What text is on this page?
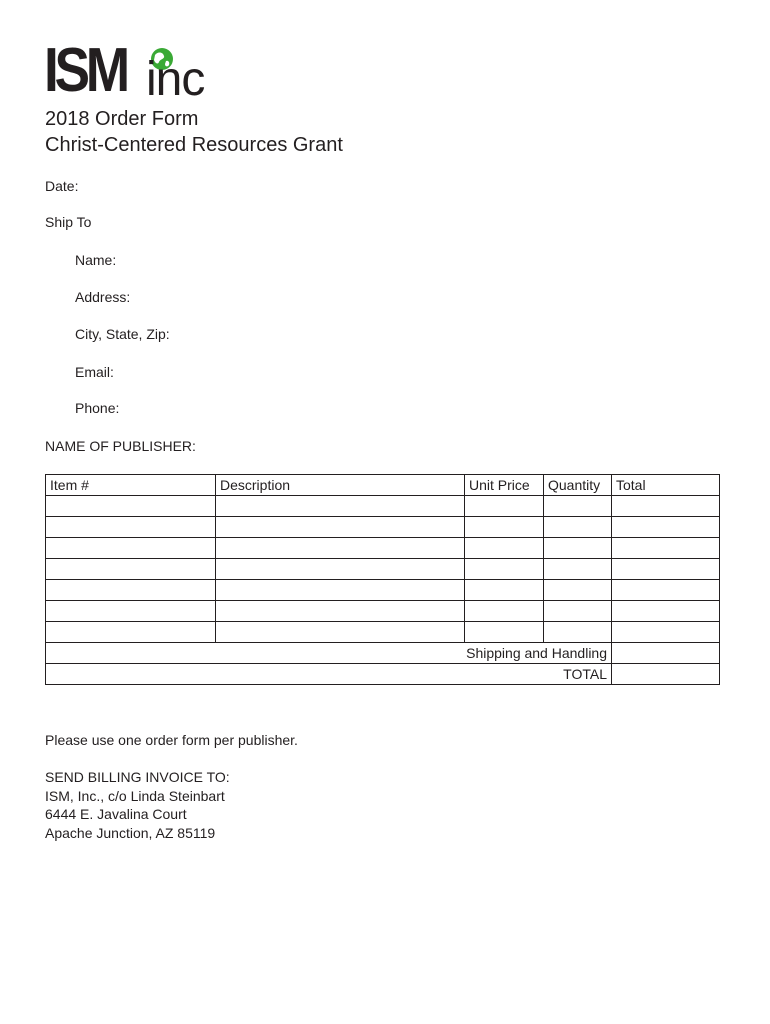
ISM inc
2018 Order Form
Christ-Centered Resources Grant
Date:
Ship To
Name:
Address:
City, State, Zip:
Email:
Phone:
NAME OF PUBLISHER:
Item #	Description	Unit Price	Quantity	Total

Shipping and Handling				
TOTAL				
Please use one order form per publisher.
SEND BILLING INVOICE TO:
ISM, Inc., c/o Linda Steinbart
6444 E. Javalina Court
Apache Junction, AZ 85119
